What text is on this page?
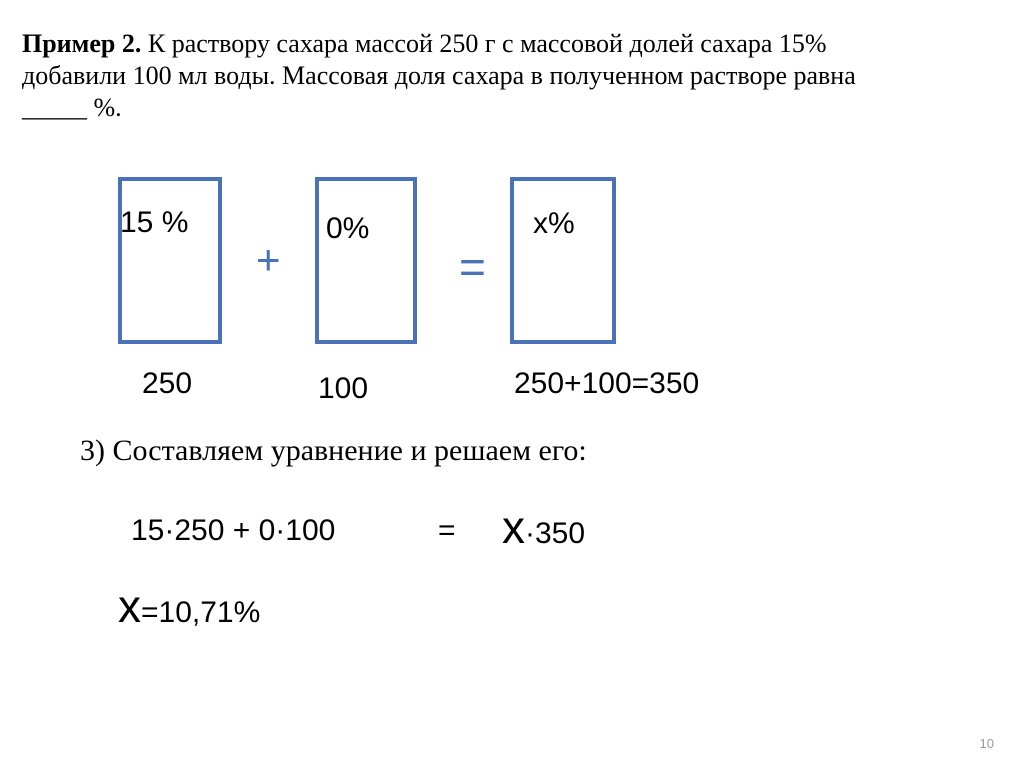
Пример 2. К раствору сахара массой 250 г с массовой долей сахара 15%
добавили 100 мл воды. Массовая доля сахара в полученном растворе равна
_____ %.
15 %	0%	x%
+	=
250	100	250+100=350
3) Составляем уравнение и решаем его:
15·250 + 0·100	= x·350
x=10,71%
10
